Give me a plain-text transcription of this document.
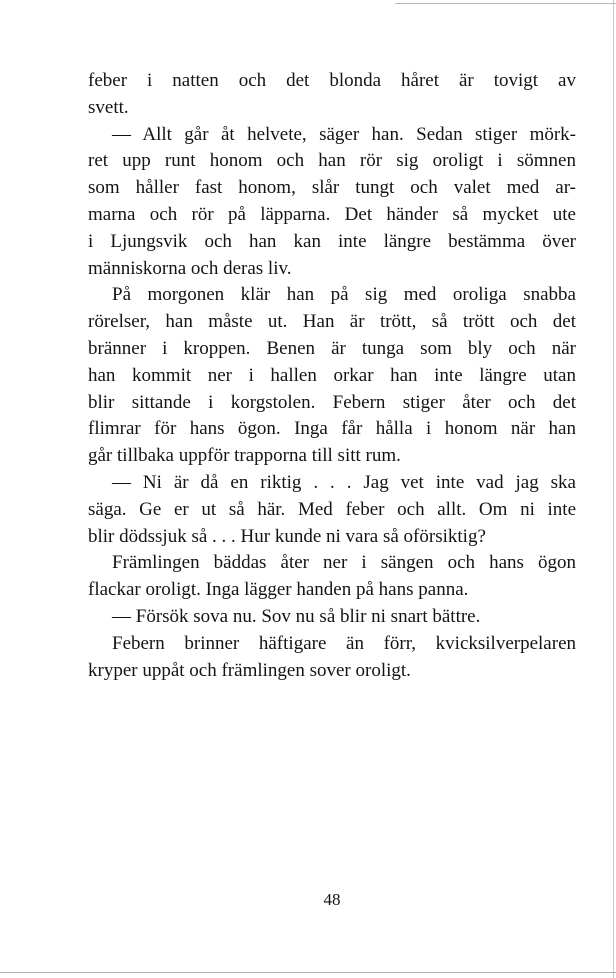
feber i natten och det blonda håret är tovigt av
svett.
— Allt går åt helvete, säger han. Sedan stiger mörk-
ret upp runt honom och han rör sig oroligt i sömnen
som håller fast honom, slår tungt och valet med ar-
marna och rör på läpparna. Det händer så mycket ute
i Ljungsvik och han kan inte längre bestämma över
människorna och deras liv.
På morgonen klär han på sig med oroliga snabba
rörelser, han måste ut. Han är trött, så trött och det
bränner i kroppen. Benen är tunga som bly och när
han kommit ner i hallen orkar han inte längre utan
blir sittande i korgstolen. Febern stiger åter och det
flimrar för hans ögon. Inga får hålla i honom när han
går tillbaka uppför trapporna till sitt rum.
— Ni är då en riktig . . . Jag vet inte vad jag ska
säga. Ge er ut så här. Med feber och allt. Om ni inte
blir dödssjuk så . . . Hur kunde ni vara så oförsiktig?
Främlingen bäddas åter ner i sängen och hans ögon
flackar oroligt. Inga lägger handen på hans panna.
— Försök sova nu. Sov nu så blir ni snart bättre.
Febern brinner häftigare än förr, kvicksilverpelaren
kryper uppåt och främlingen sover oroligt.
48
